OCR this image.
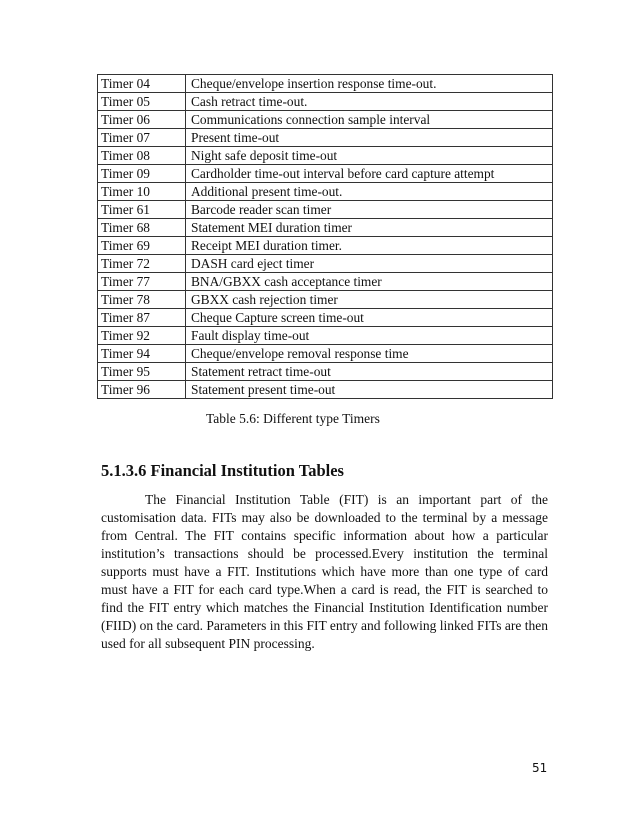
Timer 04	Cheque/envelope insertion response time-out.
Timer 05	Cash retract time-out.
Timer 06	Communications connection sample interval
Timer 07	Present time-out
Timer 08	Night safe deposit time-out
Timer 09	Cardholder time-out interval before card capture attempt
Timer 10	Additional present time-out.
Timer 61	Barcode reader scan timer
Timer 68	Statement MEI duration timer
Timer 69	Receipt MEI duration timer.
Timer 72	DASH card eject timer
Timer 77	BNA/GBXX cash acceptance timer
Timer 78	GBXX cash rejection timer
Timer 87	Cheque Capture screen time-out
Timer 92	Fault display time-out
Timer 94	Cheque/envelope removal response time
Timer 95	Statement retract time-out
Timer 96	Statement present time-out
Table 5.6: Different type Timers
5.1.3.6 Financial Institution Tables

The Financial Institution Table (FIT) is an important part of the customisation data. FITs may also be downloaded to the terminal by a message from Central. The FIT contains specific information about how a particular institution’s transactions should be processed.Every institution the terminal supports must have a FIT. Institutions which have more than one type of card must have a FIT for each card type.When a card is read, the FIT is searched to find the FIT entry which matches the Financial Institution Identification number (FIID) on the card. Parameters in this FIT entry and following linked FITs are then used for all subsequent PIN processing.

51
